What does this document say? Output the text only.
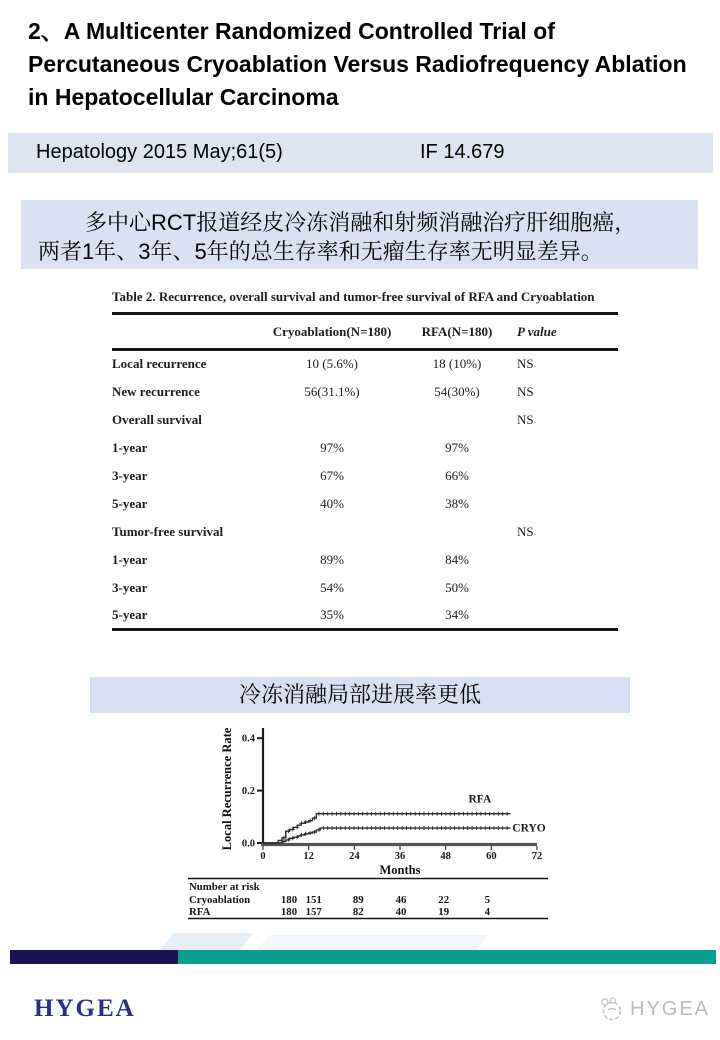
2、A Multicenter Randomized Controlled Trial of
Percutaneous Cryoablation Versus Radiofrequency Ablation
in Hepatocellular Carcinoma
Hepatology 2015 May;61(5)	IF 14.679
多中心RCT报道经皮冷冻消融和射频消融治疗肝细胞癌，
两者1年、3年、5年的总生存率和无瘤生存率无明显差异。
Table 2. Recurrence, overall survival and tumor-free survival of RFA and Cryoablation
	Cryoablation(N=180)	RFA(N=180)	P value
Local recurrence	10 (5.6%)	18 (10%)	NS
New recurrence	56(31.1%)	54(30%)	NS
Overall survival			NS
1-year	97%	97%	
3-year	67%	66%	
5-year	40%	38%	
Tumor-free survival			NS
1-year	89%	84%	
3-year	54%	50%	
5-year	35%	34%	
冷冻消融局部进展率更低
0.0
0.2
0.4
0	12	24	36	48	60	72
Months
Local Recurrence Rate	RFA
CRYO
Number at risk
Cryoablation	180 151	89	46	22	5
RFA	180 157	82	40	19	4
HYGEA	HYGEA
